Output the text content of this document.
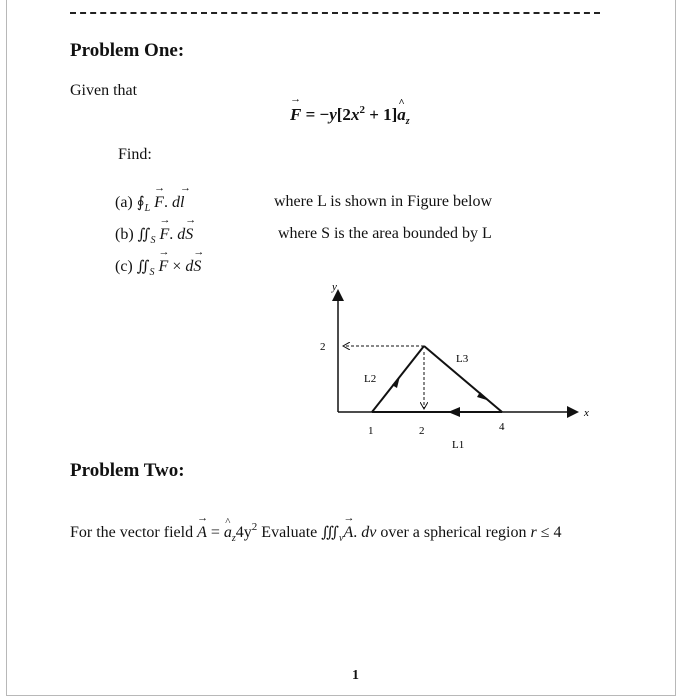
Problem One:
Given that
→ $F = -y[2x^2$ + 1]^ $a_z$
Find:
(a) $∮_L \to F$. d→ l	where L is shown in Figure below
(b) $∬_S \to F$. d→ S	where S is the area bounded by L
(c) $∬_S \to F \times d\to S$
y
x
2
1	2	4
L2
L3
L1
Problem Two:
For the vector field → A = ^ $a_z4y^2$ Evaluate $∭_v\to A$. dv over a spherical region r ≤ 4
1
